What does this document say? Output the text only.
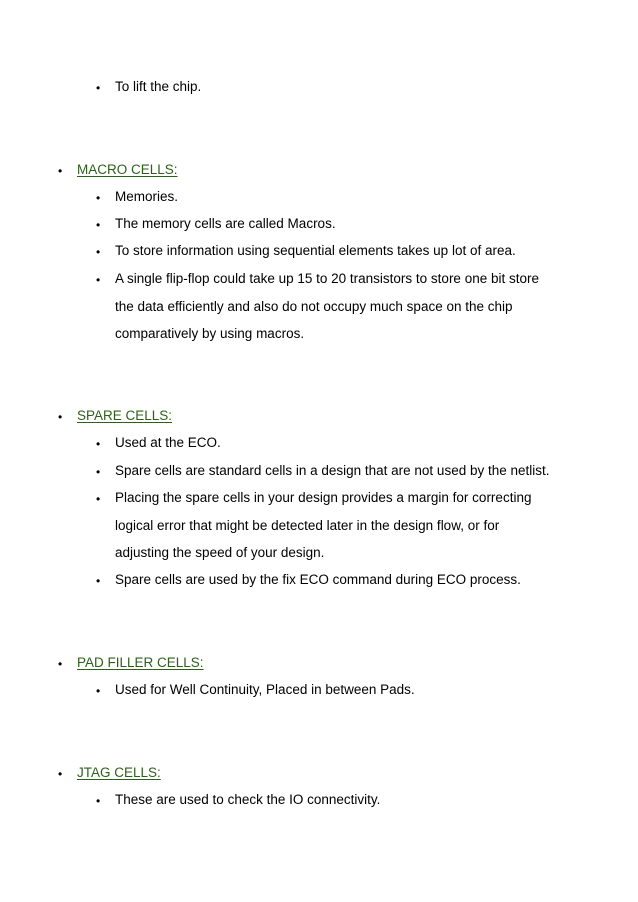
• To lift the chip.
• MACRO CELLS:
• Memories.
• The memory cells are called Macros.
• To store information using sequential elements takes up lot of area.
• A single flip-flop could take up 15 to 20 transistors to store one bit store
the data efficiently and also do not occupy much space on the chip
comparatively by using macros.
• SPARE CELLS:
• Used at the ECO.
• Spare cells are standard cells in a design that are not used by the netlist.
• Placing the spare cells in your design provides a margin for correcting
logical error that might be detected later in the design flow, or for
adjusting the speed of your design.
• Spare cells are used by the fix ECO command during ECO process.
• PAD FILLER CELLS:
• Used for Well Continuity, Placed in between Pads.
• JTAG CELLS:
• These are used to check the IO connectivity.
